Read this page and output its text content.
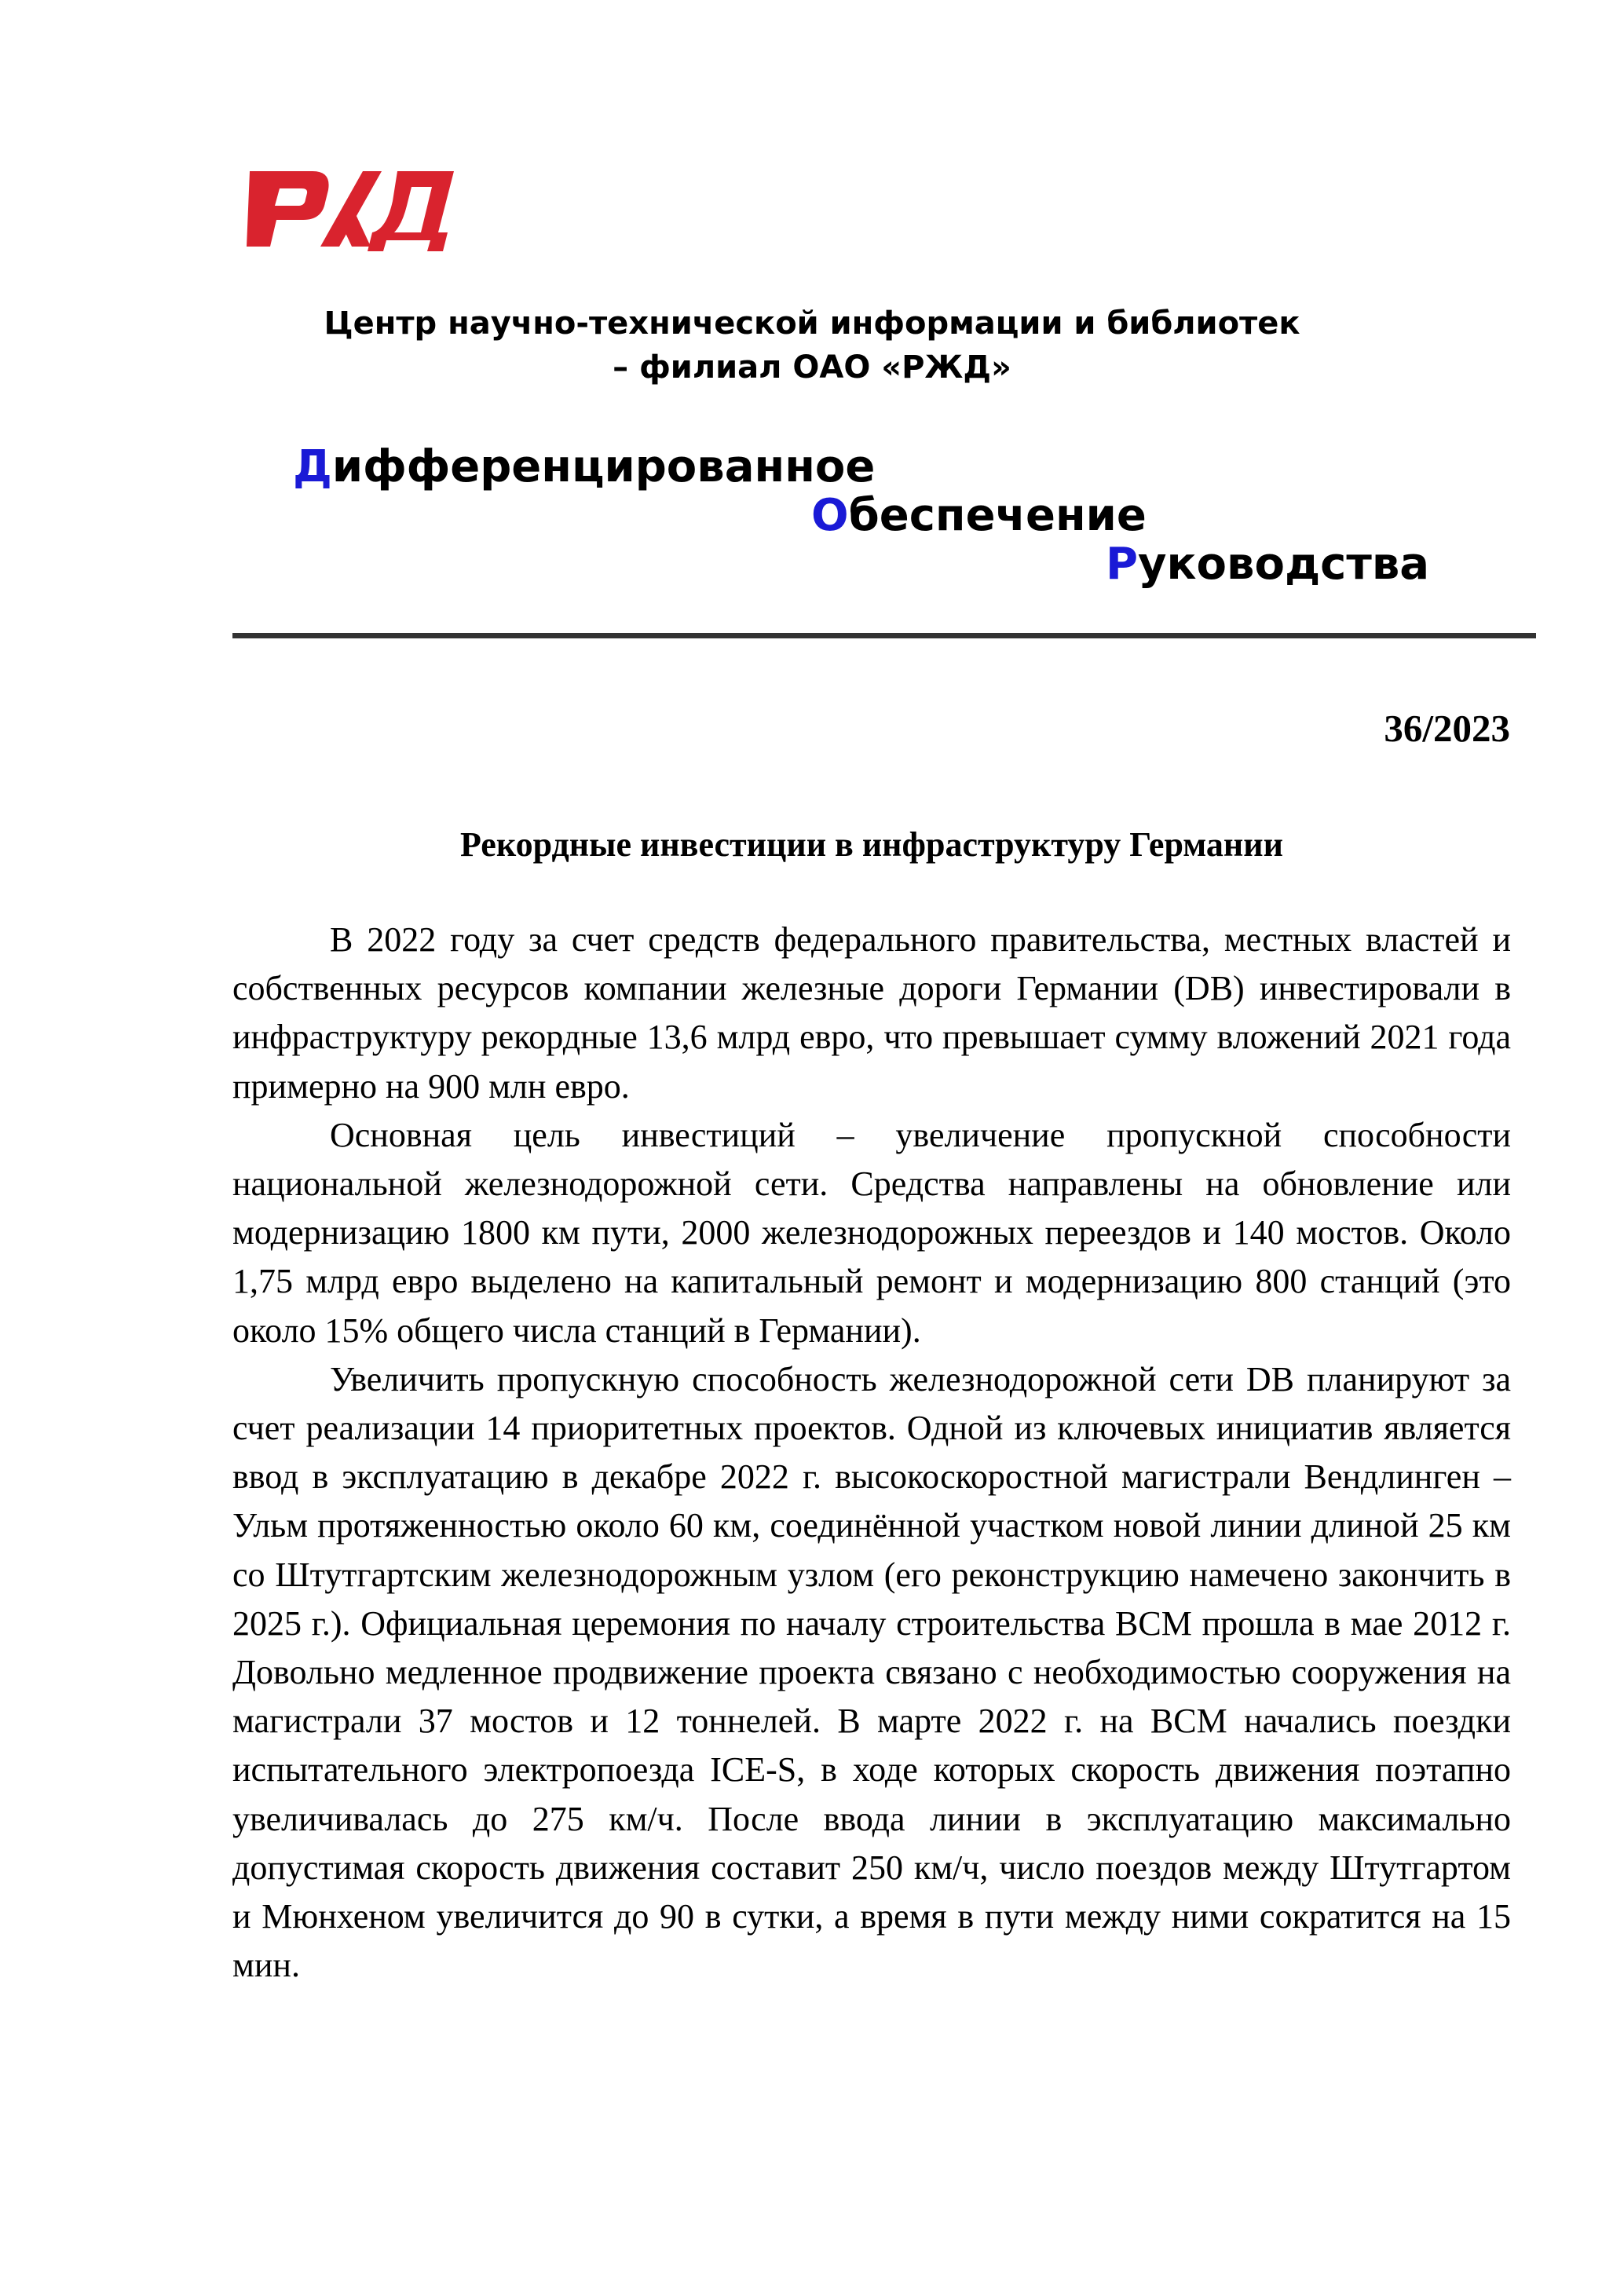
Центр научно-технической информации и библиотек
– филиал ОАО «РЖД»
Дифференцированное
Обеспечение
Руководства
36/2023
Рекордные инвестиции в инфраструктуру Германии

В 2022 году за счет средств федерального правительства, местных властей и собственных ресурсов компании железные дороги Германии (DB) инвестировали в инфраструктуру рекордные 13,6 млрд евро, что превышает сумму вложений 2021 года примерно на 900 млн евро.

Основная цель инвестиций – увеличение пропускной способности национальной железнодорожной сети. Средства направлены на обновление или модернизацию 1800 км пути, 2000 железнодорожных переездов и 140 мостов. Около 1,75 млрд евро выделено на капитальный ремонт и модернизацию 800 станций (это около 15% общего числа станций в Германии).

Увеличить пропускную способность железнодорожной сети DB планируют за счет реализации 14 приоритетных проектов. Одной из ключевых инициатив является ввод в эксплуатацию в декабре 2022 г. высокоскоростной магистрали Вендлинген – Ульм протяженностью около 60 км, соединённой участком новой линии длиной 25 км со Штутгартским железнодорожным узлом (его реконструкцию намечено закончить в 2025 г.). Официальная церемония по началу строительства ВСМ прошла в мае 2012 г. Довольно медленное продвижение проекта связано с необходимостью сооружения на магистрали 37 мостов и 12 тоннелей. В марте 2022 г. на ВСМ начались поездки испытательного электропоезда ICE-S, в ходе которых скорость движения поэтапно увеличивалась до 275 км/ч. После ввода линии в эксплуатацию максимально допустимая скорость движения составит 250 км/ч, число поездов между Штутгартом и Мюнхеном увеличится до 90 в сутки, а время в пути между ними сократится на 15 мин.
